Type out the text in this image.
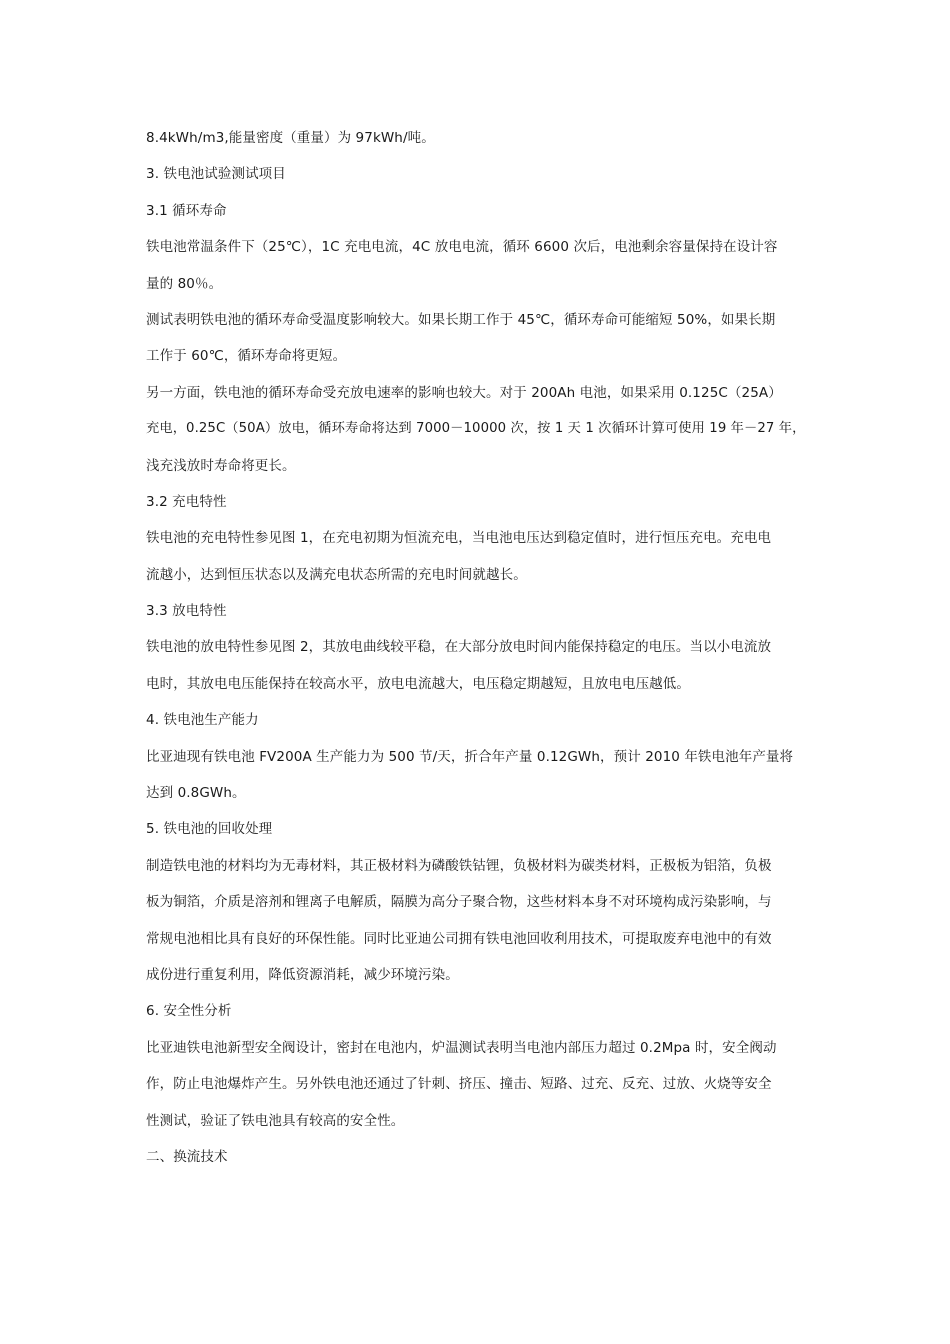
8.4kWh/m3,能量密度（重量）为 97kWh/吨。
3. 铁电池试验测试项目
3.1 循环寿命
铁电池常温条件下（25℃），1C 充电电流，4C 放电电流，循环 6600 次后，电池剩余容量保持在设计容
量的 80％。
测试表明铁电池的循环寿命受温度影响较大。如果长期工作于 45℃，循环寿命可能缩短 50%，如果长期
工作于 60℃，循环寿命将更短。
另一方面，铁电池的循环寿命受充放电速率的影响也较大。对于 200Ah 电池，如果采用 0.125C（25A）
充电，0.25C（50A）放电，循环寿命将达到 7000－10000 次，按 1 天 1 次循环计算可使用 19 年－27 年，
浅充浅放时寿命将更长。
3.2 充电特性
铁电池的充电特性参见图 1，在充电初期为恒流充电，当电池电压达到稳定值时，进行恒压充电。充电电
流越小，达到恒压状态以及满充电状态所需的充电时间就越长。
3.3 放电特性
铁电池的放电特性参见图 2，其放电曲线较平稳，在大部分放电时间内能保持稳定的电压。当以小电流放
电时，其放电电压能保持在较高水平，放电电流越大，电压稳定期越短，且放电电压越低。
4. 铁电池生产能力
比亚迪现有铁电池 FV200A 生产能力为 500 节/天，折合年产量 0.12GWh，预计 2010 年铁电池年产量将
达到 0.8GWh。
5. 铁电池的回收处理
制造铁电池的材料均为无毒材料，其正极材料为磷酸铁钴锂，负极材料为碳类材料，正极板为铝箔，负极
板为铜箔，介质是溶剂和锂离子电解质，隔膜为高分子聚合物，这些材料本身不对环境构成污染影响，与
常规电池相比具有良好的环保性能。同时比亚迪公司拥有铁电池回收利用技术，可提取废弃电池中的有效
成份进行重复利用，降低资源消耗，减少环境污染。
6. 安全性分析
比亚迪铁电池新型安全阀设计，密封在电池内，炉温测试表明当电池内部压力超过 0.2Mpa 时，安全阀动
作，防止电池爆炸产生。另外铁电池还通过了针刺、挤压、撞击、短路、过充、反充、过放、火烧等安全
性测试，验证了铁电池具有较高的安全性。
二、换流技术
